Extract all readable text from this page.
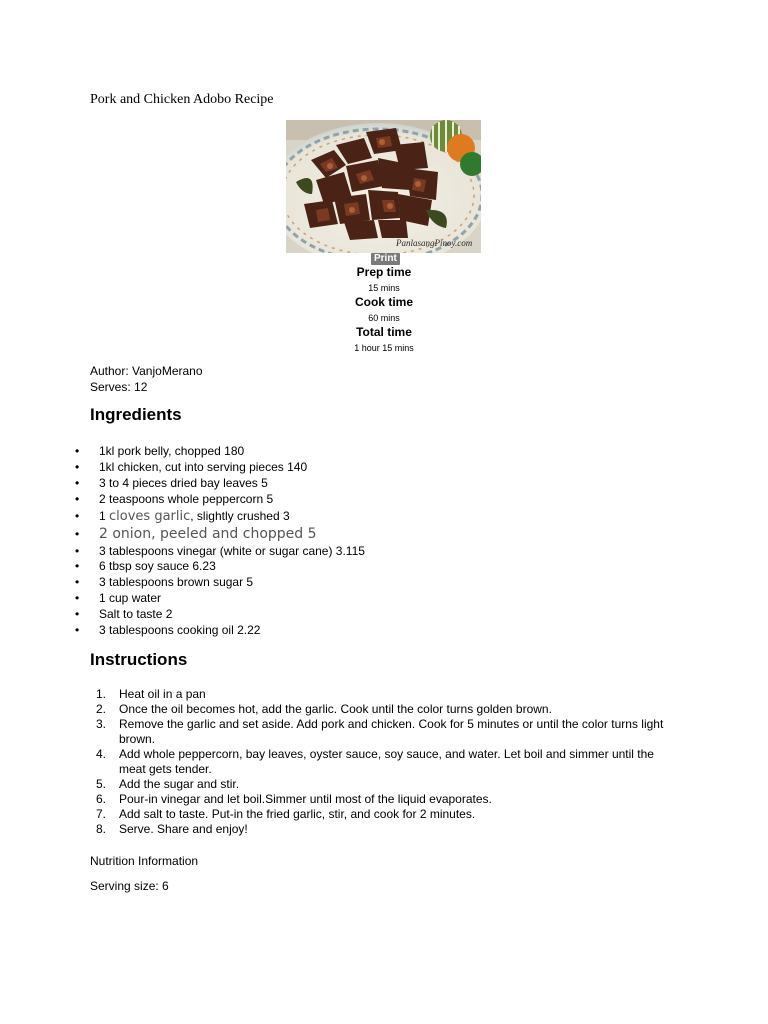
Pork and Chicken Adobo Recipe
PanlasangPinoy.com
Print
Prep time
15 mins
Cook time
60 mins
Total time
1 hour 15 mins
Author: VanjoMerano
Serves: 12
Ingredients
• 1kl pork belly, chopped 180
• 1kl chicken, cut into serving pieces 140
• 3 to 4 pieces dried bay leaves 5
• 2 teaspoons whole peppercorn 5
• 1 cloves garlic, slightly crushed 3
• 2 onion, peeled and chopped 5
• 3 tablespoons vinegar (white or sugar cane) 3.115
• 6 tbsp soy sauce 6.23
• 3 tablespoons brown sugar 5
• 1 cup water
• Salt to taste 2
• 3 tablespoons cooking oil 2.22
Instructions
1. Heat oil in a pan
2. Once the oil becomes hot, add the garlic. Cook until the color turns golden brown.
3. Remove the garlic and set aside. Add pork and chicken. Cook for 5 minutes or until the color turns light brown.
4. Add whole peppercorn, bay leaves, oyster sauce, soy sauce, and water. Let boil and simmer until the meat gets tender.
5. Add the sugar and stir.
6. Pour-in vinegar and let boil.Simmer until most of the liquid evaporates.
7. Add salt to taste. Put-in the fried garlic, stir, and cook for 2 minutes.
8. Serve. Share and enjoy!
Nutrition Information
Serving size: 6
